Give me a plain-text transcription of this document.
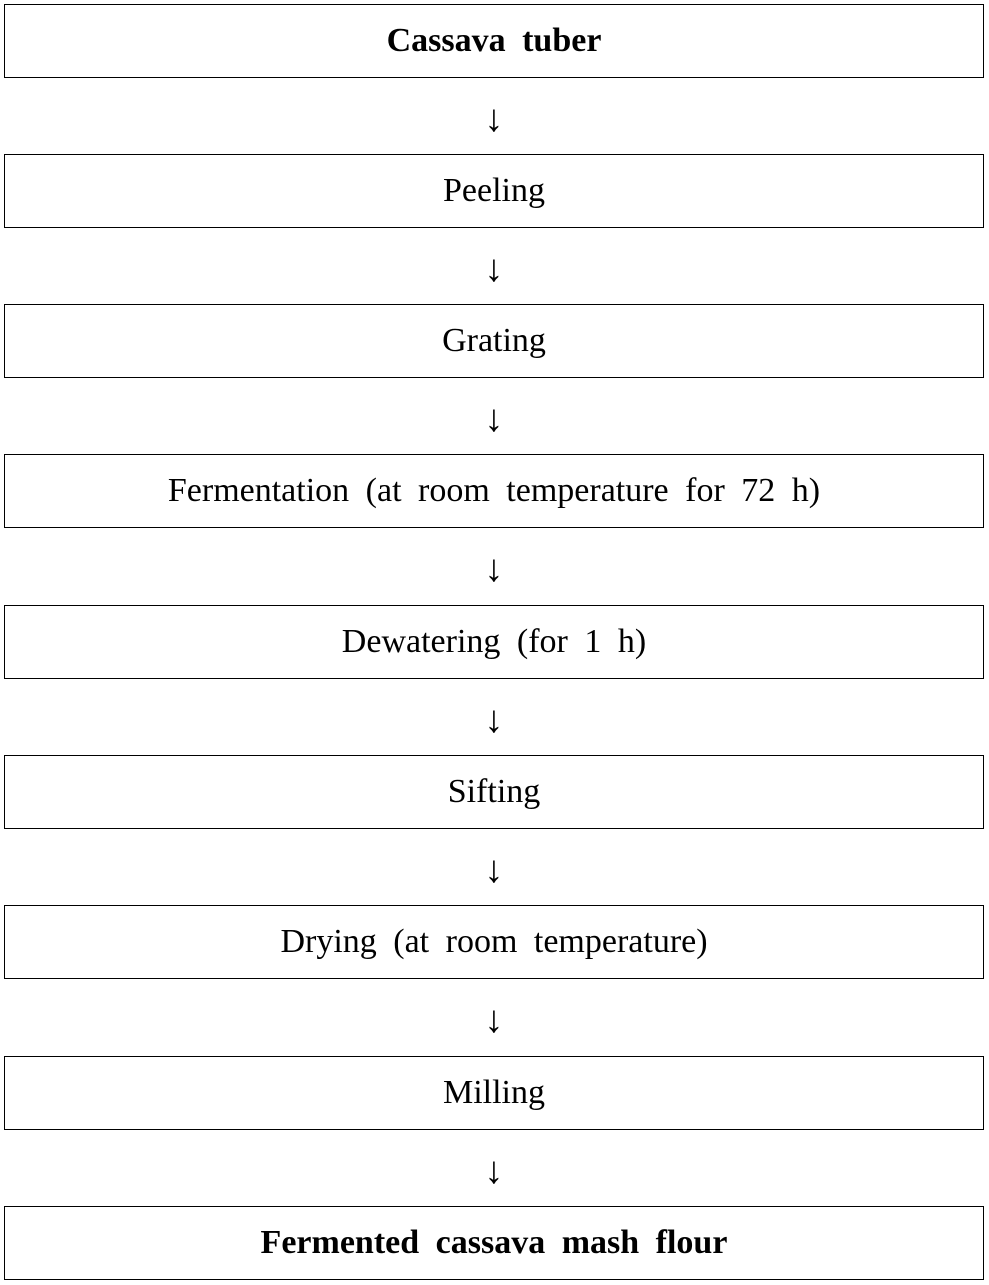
Cassava tuber
↓
Peeling
↓
Grating
↓
Fermentation (at room temperature for 72 h)
↓
Dewatering (for 1 h)
↓
Sifting
↓
Drying (at room temperature)
↓
Milling
↓
Fermented cassava mash flour
